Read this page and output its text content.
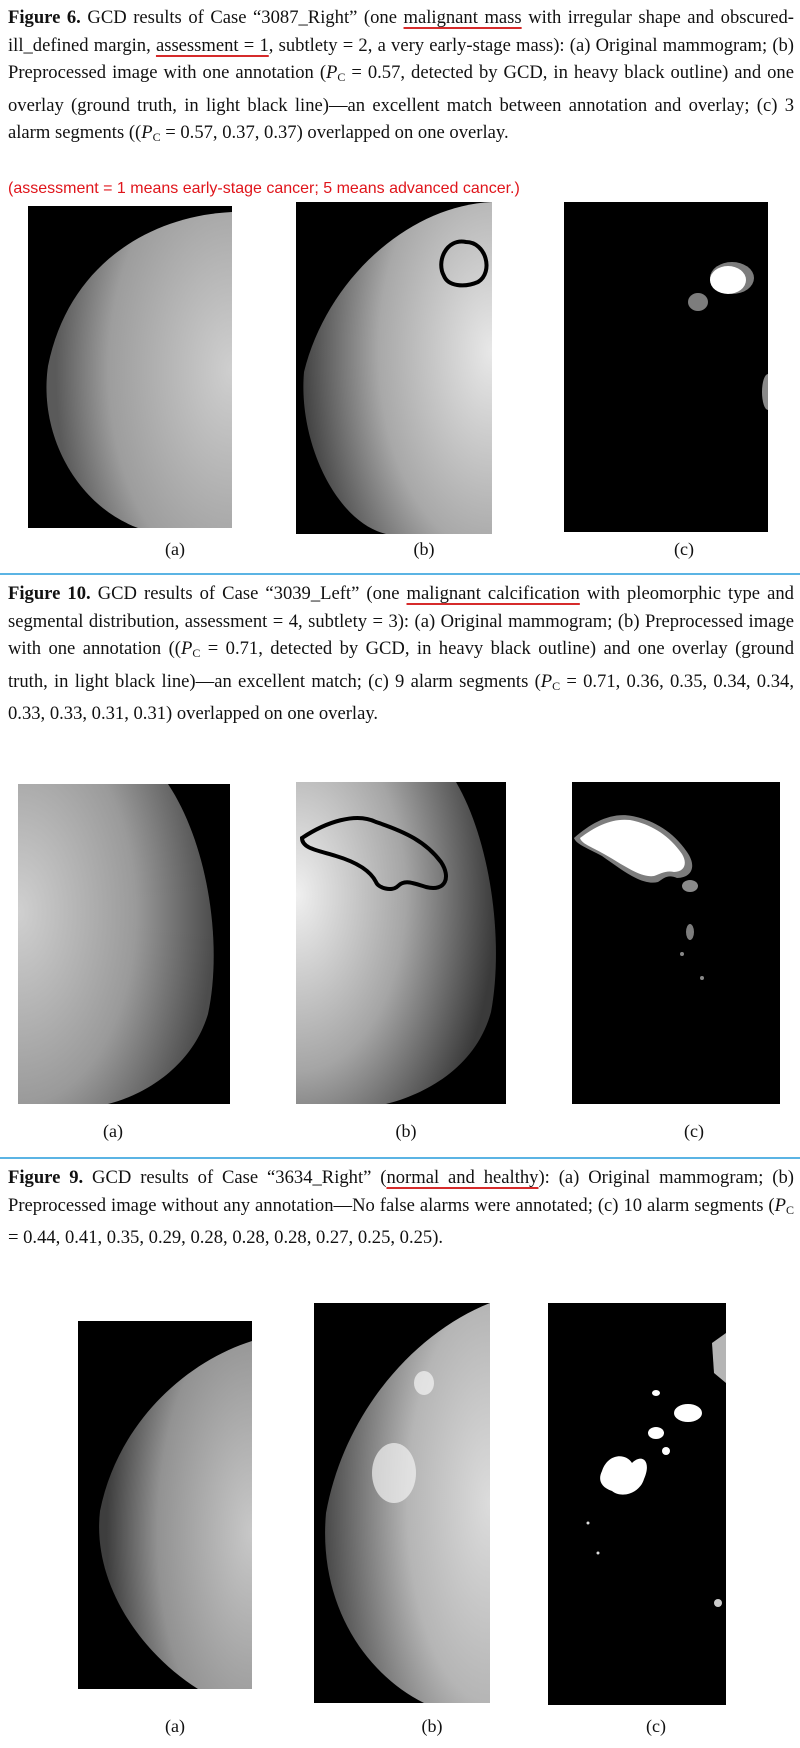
Figure 6. GCD results of Case “3087_Right” (one malignant mass with irregular shape and obscured-ill_defined margin, assessment = 1, subtlety = 2, a very early-stage mass): (a) Original mammogram; (b) Preprocessed image with one annotation ($P_C = 0.57$, detected by GCD, in heavy black outline) and one overlay (ground truth, in light black line)—an excellent match between annotation and overlay; (c) 3 alarm segments (($P_C = 0.57$, 0.37, 0.37) overlapped on one overlay.
(assessment = 1 means early-stage cancer; 5 means advanced cancer.)
(a)	(b)	(c)
Figure 10. GCD results of Case “3039_Left” (one malignant calcification with pleomorphic type and segmental distribution, assessment = 4, subtlety = 3): (a) Original mammogram; (b) Preprocessed image with one annotation (($P_C = 0.71$, detected by GCD, in heavy black outline) and one overlay (ground truth, in light black line)—an excellent match; (c) 9 alarm segments ($P_C = 0.71$, 0.36, 0.35, 0.34, 0.34, 0.33, 0.33, 0.31, 0.31) overlapped on one overlay.
(a)	(b)	(c)
Figure 9. GCD results of Case “3634_Right” (normal and healthy): (a) Original mammogram; (b) Preprocessed image without any annotation—No false alarms were annotated; (c) 10 alarm segments ($P_C = 0.44$, 0.41, 0.35, 0.29, 0.28, 0.28, 0.28, 0.27, 0.25, 0.25).
(a)	(b)	(c)
